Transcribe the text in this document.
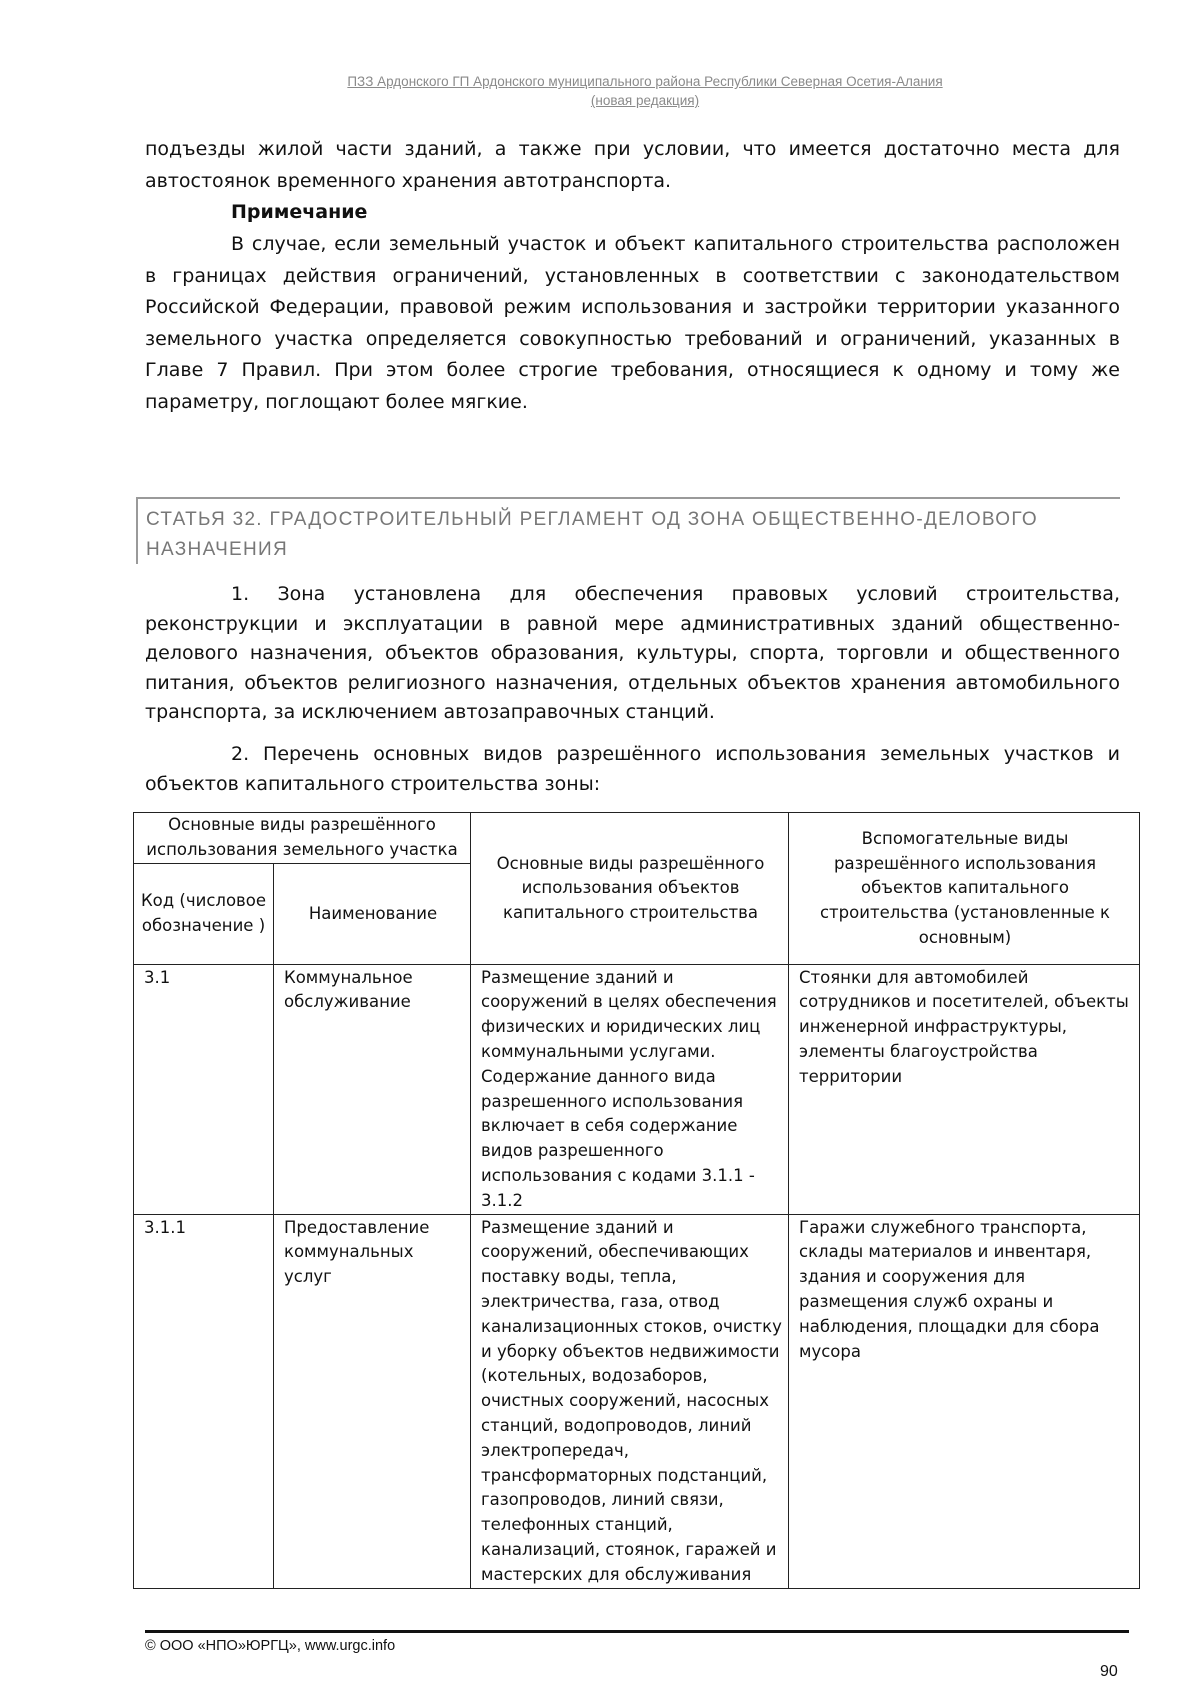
ПЗЗ Ардонского ГП Ардонского муниципального района Республики Северная Осетия-Алания
(новая редакция)
подъезды жилой части зданий, а также при условии, что имеется достаточно места для автостоянок временного хранения автотранспорта.
Примечание
В случае, если земельный участок и объект капитального строительства расположен в границах действия ограничений, установленных в соответствии с законодательством Российской Федерации, правовой режим использования и застройки территории указанного земельного участка определяется совокупностью требований и ограничений, указанных в Главе 7 Правил. При этом более строгие требования, относящиеся к одному и тому же параметру, поглощают более мягкие.
СТАТЬЯ 32. ГРАДОСТРОИТЕЛЬНЫЙ РЕГЛАМЕНТ ОД ЗОНА ОБЩЕСТВЕННО-ДЕЛОВОГО
НАЗНАЧЕНИЯ
1. Зона установлена для обеспечения правовых условий строительства, реконструкции и эксплуатации в равной мере административных зданий общественно-делового назначения, объектов образования, культуры, спорта, торговли и общественного питания, объектов религиозного назначения, отдельных объектов хранения автомобильного транспорта, за исключением автозаправочных станций.
2. Перечень основных видов разрешённого использования земельных участков и объектов капитального строительства зоны:
Основные виды разрешённого использования земельного участка		Основные виды разрешённого использования объектов капитального строительства	Вспомогательные виды разрешённого использования объектов капитального строительства (установленные к основным)
Код (числовое обозначение )	Наименование		
3.1	Коммунальное обслуживание	Размещение зданий и сооружений в целях обеспечения физических и юридических лиц коммунальными услугами. Содержание данного вида разрешенного использования включает в себя содержание видов разрешенного использования с кодами 3.1.1 - 3.1.2	Стоянки для автомобилей сотрудников и посетителей, объекты инженерной инфраструктуры, элементы благоустройства территории
3.1.1	Предоставление коммунальных услуг	Размещение зданий и сооружений, обеспечивающих поставку воды, тепла, электричества, газа, отвод канализационных стоков, очистку и уборку объектов недвижимости (котельных, водозаборов, очистных сооружений, насосных станций, водопроводов, линий электропередач, трансформаторных подстанций, газопроводов, линий связи, телефонных станций, канализаций, стоянок, гаражей и мастерских для обслуживания	Гаражи служебного транспорта, склады материалов и инвентаря, здания и сооружения для размещения служб охраны и наблюдения, площадки для сбора мусора
© ООО «НПО»ЮРГЦ», www.urgc.info
90
